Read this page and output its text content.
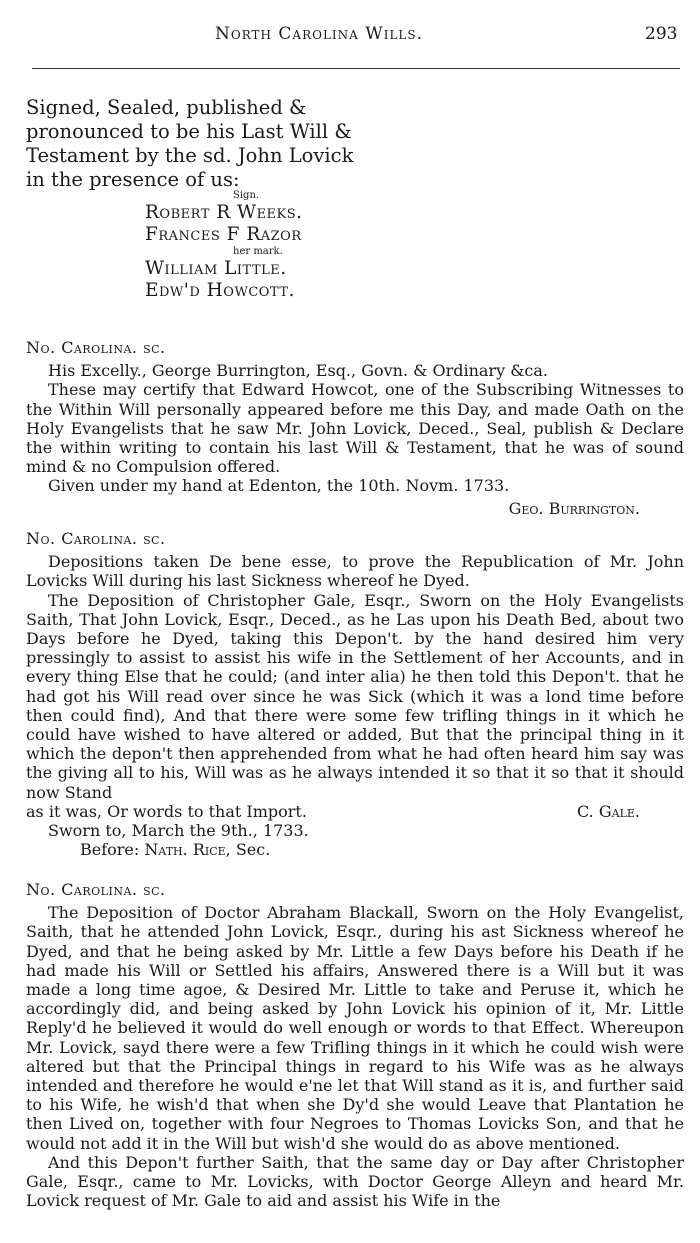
North Carolina Wills.	293
Signed, Sealed, published &
pronounced to be his Last Will &
Testament by the sd. John Lovick
in the presence of us:
Sign.
Robert R Weeks.
Frances F Razor
her mark.
William Little.
Edw'd Howcott.
No. Carolina. sc.
His Excelly., George Burrington, Esq., Govn. & Ordinary &ca.

These may certify that Edward Howcot, one of the Subscribing Witnesses to the Within Will personally appeared before me this Day, and made Oath on the Holy Evangelists that he saw Mr. John Lovick, Deced., Seal, publish & Declare the within writing to contain his last Will & Testament, that he was of sound mind & no Compulsion offered.

Given under my hand at Edenton, the 10th. Novm. 1733.
Geo. Burrington.
No. Carolina. sc.

Depositions taken De bene esse, to prove the Republication of Mr. John Lovicks Will during his last Sickness whereof he Dyed.

The Deposition of Christopher Gale, Esqr., Sworn on the Holy Evangelists Saith, That John Lovick, Esqr., Deced., as he Las upon his Death Bed, about two Days before he Dyed, taking this Depon't. by the hand desired him very pressingly to assist to assist his wife in the Settlement of her Accounts, and in every thing Else that he could; (and inter alia) he then told this Depon't. that he had got his Will read over since he was Sick (which it was a lond time before then could find), And that there were some few trifling things in it which he could have wished to have altered or added, But that the principal thing in it which the depon't then apprehended from what he had often heard him say was the giving all to his, Will was as he always intended it so that it so that it should now Stand

as it was, Or words to that Import.	C. Gale.
Sworn to, March the 9th., 1733.
Before: Nath. Rice, Sec.
No. Carolina. sc.

The Deposition of Doctor Abraham Blackall, Sworn on the Holy Evangelist, Saith, that he attended John Lovick, Esqr., during his ast Sickness whereof he Dyed, and that he being asked by Mr. Little a few Days before his Death if he had made his Will or Settled his affairs, Answered there is a Will but it was made a long time agoe, & Desired Mr. Little to take and Peruse it, which he accordingly did, and being asked by John Lovick his opinion of it, Mr. Little Reply'd he believed it would do well enough or words to that Effect. Whereupon Mr. Lovick, sayd there were a few Trifling things in it which he could wish were altered but that the Principal things in regard to his Wife was as he always intended and therefore he would e'ne let that Will stand as it is, and further said to his Wife, he wish'd that when she Dy'd she would Leave that Plantation he then Lived on, together with four Negroes to Thomas Lovicks Son, and that he would not add it in the Will but wish'd she would do as above mentioned.

And this Depon't further Saith, that the same day or Day after Christopher Gale, Esqr., came to Mr. Lovicks, with Doctor George Alleyn and heard Mr. Lovick request of Mr. Gale to aid and assist his Wife in the
